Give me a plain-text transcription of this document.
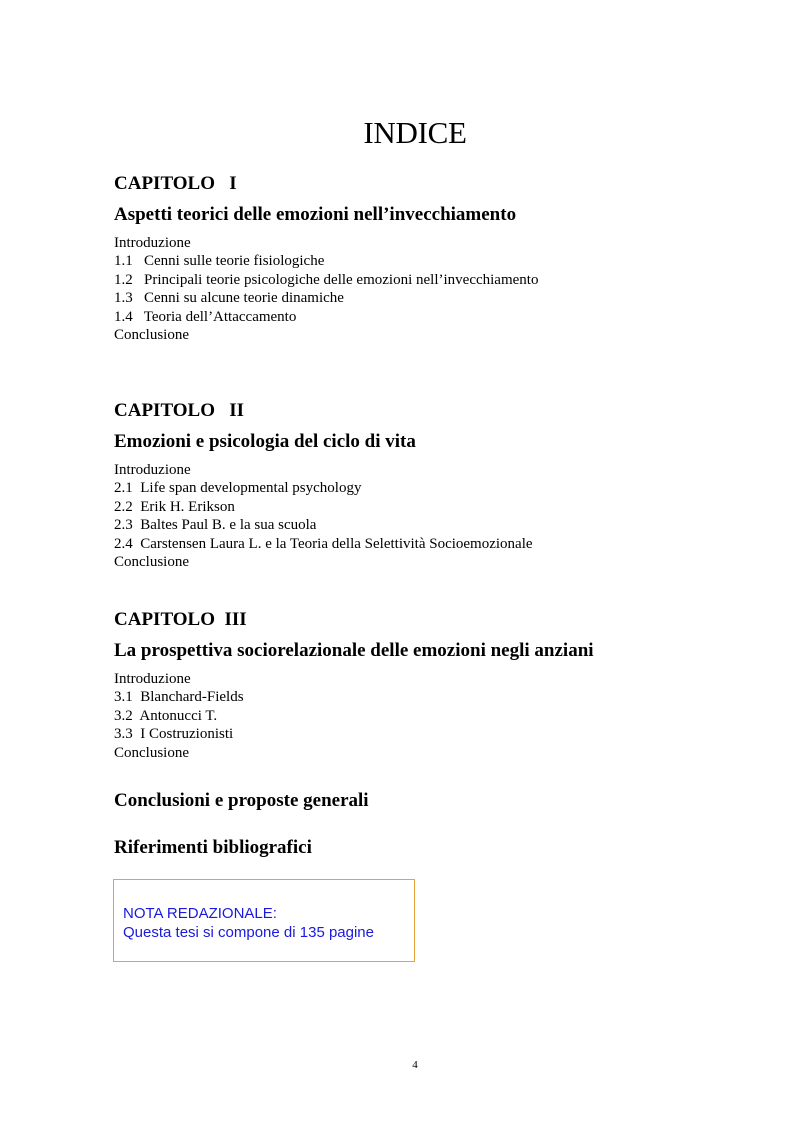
INDICE
CAPITOLO   I
Aspetti teorici delle emozioni nell’invecchiamento
Introduzione
1.1   Cenni sulle teorie fisiologiche
1.2   Principali teorie psicologiche delle emozioni nell’invecchiamento
1.3   Cenni su alcune teorie dinamiche
1.4   Teoria dell’Attaccamento
Conclusione
CAPITOLO   II
Emozioni e psicologia del ciclo di vita
Introduzione
2.1  Life span developmental psychology
2.2  Erik H. Erikson
2.3  Baltes Paul B. e la sua scuola
2.4  Carstensen Laura L. e la Teoria della Selettività Socioemozionale
Conclusione
CAPITOLO  III
La prospettiva sociorelazionale delle emozioni negli anziani
Introduzione
3.1  Blanchard-Fields
3.2  Antonucci T.
3.3  I Costruzionisti
Conclusione
Conclusioni e proposte generali
Riferimenti bibliografici
NOTA REDAZIONALE:
Questa tesi si compone di 135 pagine
4
